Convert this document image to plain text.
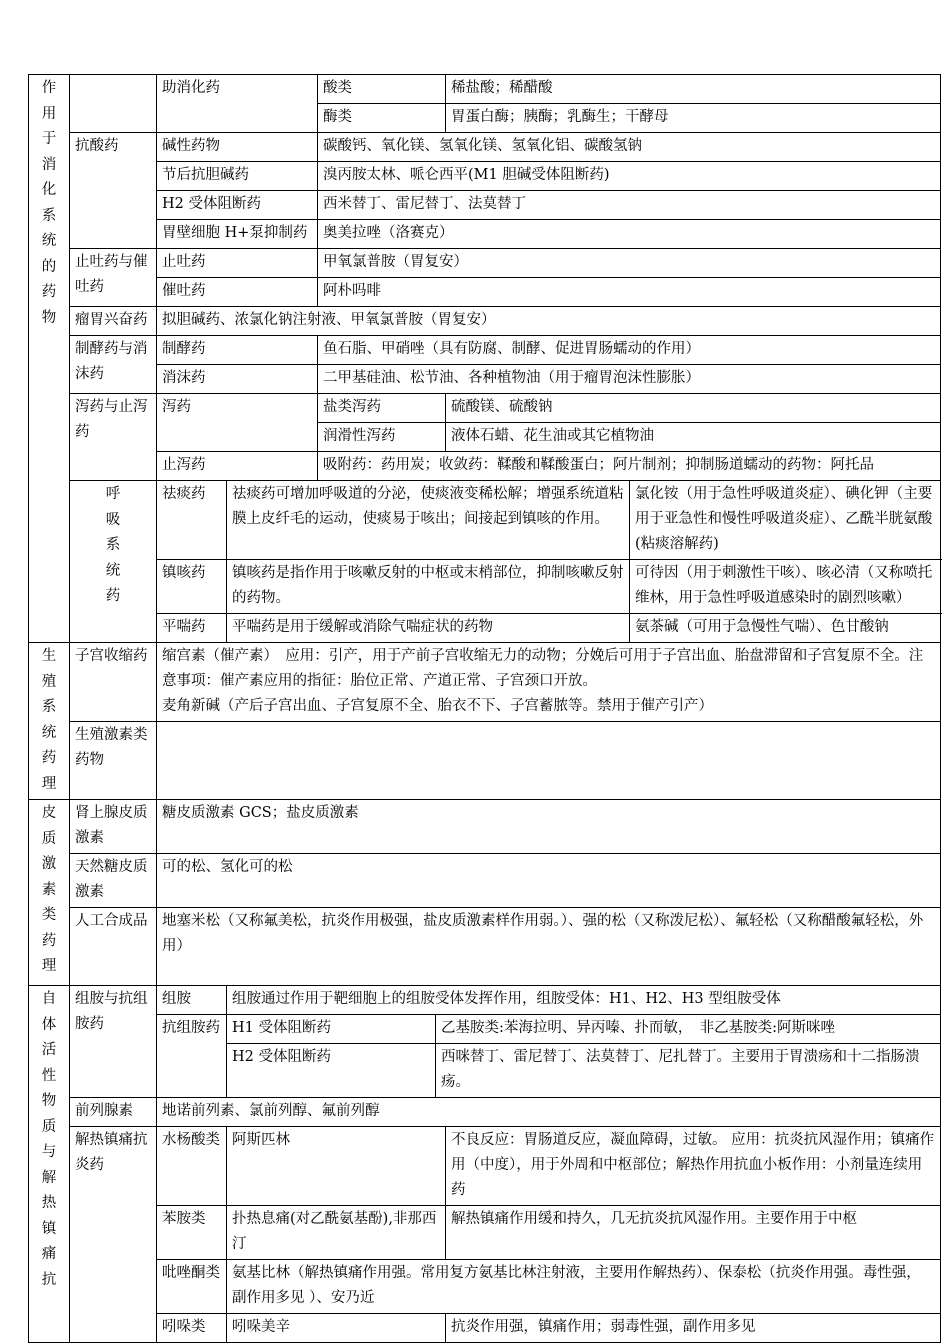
作用于消化系统的药物		助消化药		酸类		稀盐酸；稀醋酸	
				酶类		胃蛋白酶；胰酶；乳酶生；干酵母	
	抗酸药	碱性药物		碳酸钙、氧化镁、氢氧化镁、氢氧化铝、碳酸氢钠			
		节后抗胆碱药		溴丙胺太林、哌仑西平(M1 胆碱受体阻断药)			
		H2 受体阻断药		西米替丁、雷尼替丁、法莫替丁			
		胃壁细胞 H+泵抑制药		奥美拉唑（洛赛克）			
	止吐药与催吐药	止吐药		甲氧氯普胺（胃复安）			
		催吐药		阿朴吗啡			
	瘤胃兴奋药	拟胆碱药、浓氯化钠注射液、甲氧氯普胺（胃复安）					
	制酵药与消沫药	制酵药		鱼石脂、甲硝唑（具有防腐、制酵、促进胃肠蠕动的作用）			
		消沫药		二甲基硅油、松节油、各种植物油（用于瘤胃泡沫性膨胀）			
	泻药与止泻药	泻药		盐类泻药		硫酸镁、硫酸钠	
				润滑性泻药		液体石蜡、花生油或其它植物油	
		止泻药		吸附药：药用炭；收敛药：鞣酸和鞣酸蛋白；阿片制剂；抑制肠道蠕动的药物：阿托品			

	呼吸系统药	祛痰药	祛痰药可增加呼吸道的分泌，使痰液变稀松解；增强系统道粘膜上皮纤毛的运动，使痰易于咳出；间接起到镇咳的作用。				氯化铵（用于急性呼吸道炎症）、碘化钾（主要用于亚急性和慢性呼吸道炎症）、乙酰半胱氨酸(粘痰溶解药)
		镇咳药	镇咳药是指作用于咳嗽反射的中枢或末梢部位，抑制咳嗽反射的药物。				可待因（用于刺激性干咳）、咳必清（又称喷托维林，用于急性呼吸道感染时的剧烈咳嗽）
		平喘药	平喘药是用于缓解或消除气喘症状的药物				氨茶碱（可用于急慢性气喘）、色甘酸钠

生殖系统药理	子宫收缩药	缩宫素（催产素）　应用：引产，用于产前子宫收缩无力的动物；分娩后可用于子宫出血、胎盘滞留和子宫复原不全。注意事项：催产素应用的指征：胎位正常、产道正常、子宫颈口开放。
麦角新碱（产后子宫出血、子宫复原不全、胎衣不下、子宫蓄脓等。禁用于催产引产）					

	生殖激素类药物						

皮质激素类药理	肾上腺皮质激素	糖皮质激素 GCS；盐皮质激素					
	天然糖皮质激素	可的松、氢化可的松					
	人工合成品	地塞米松（又称氟美松，抗炎作用极强，盐皮质激素样作用弱。）、强的松（又称泼尼松）、氟轻松（又称醋酸氟轻松，外用）					

自体活性物质与解热镇痛抗	组胺与抗组胺药	组胺	组胺通过作用于靶细胞上的组胺受体发挥作用，组胺受体：H1、H2、H3 型组胺受体				
		抗组胺药	H1 受体阻断药		乙基胺类:苯海拉明、异丙嗪、扑而敏，　非乙基胺类:阿斯咪唑		
			H2 受体阻断药		西咪替丁、雷尼替丁、法莫替丁、尼扎替丁。主要用于胃溃疡和十二指肠溃疡。		
	前列腺素	地诺前列素、氯前列醇、氟前列醇					
	解热镇痛抗炎药	水杨酸类	阿斯匹林			不良反应：胃肠道反应，凝血障碍，过敏。 应用：抗炎抗风湿作用；镇痛作用（中度），用于外周和中枢部位；解热作用抗血小板作用：小剂量连续用药	
		苯胺类	扑热息痛(对乙酰氨基酚),非那西汀			解热镇痛作用缓和持久，几无抗炎抗风湿作用。主要作用于中枢	
		吡唑酮类	氨基比林（解热镇痛作用强。常用复方氨基比林注射液，主要用作解热药）、保泰松（抗炎作用强。毒性强，副作用多见 ）、安乃近				
		吲哚类	吲哚美辛			抗炎作用强，镇痛作用；弱毒性强，副作用多见	
